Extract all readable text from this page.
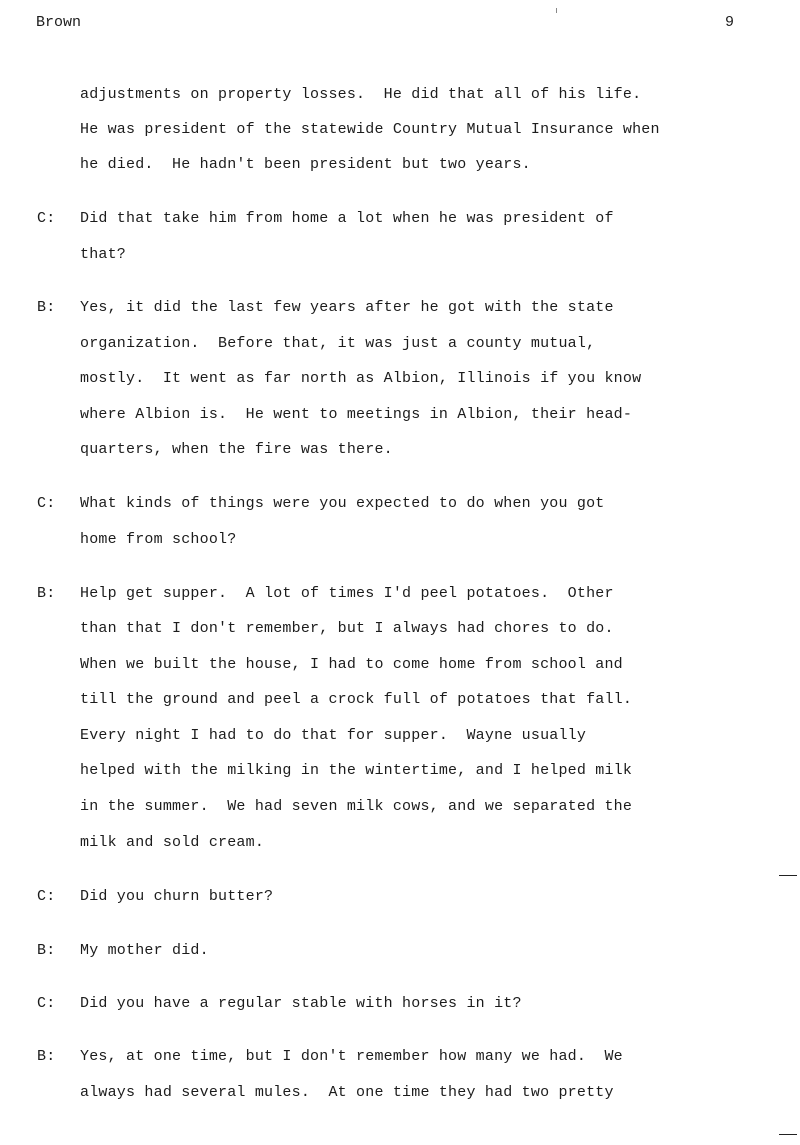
Brown	9
adjustments on property losses.  He did that all of his life.
He was president of the statewide Country Mutual Insurance when
he died.  He hadn't been president but two years.
C: Did that take him from home a lot when he was president of
that?
B: Yes, it did the last few years after he got with the state
organization.  Before that, it was just a county mutual,
mostly.  It went as far north as Albion, Illinois if you know
where Albion is.  He went to meetings in Albion, their head-
quarters, when the fire was there.
C: What kinds of things were you expected to do when you got
home from school?
B: Help get supper.  A lot of times I'd peel potatoes.  Other
than that I don't remember, but I always had chores to do.
When we built the house, I had to come home from school and
till the ground and peel a crock full of potatoes that fall.
Every night I had to do that for supper.  Wayne usually
helped with the milking in the wintertime, and I helped milk
in the summer.  We had seven milk cows, and we separated the
milk and sold cream.
C: Did you churn butter?
B: My mother did.
C: Did you have a regular stable with horses in it?
B: Yes, at one time, but I don't remember how many we had.  We
always had several mules.  At one time they had two pretty
